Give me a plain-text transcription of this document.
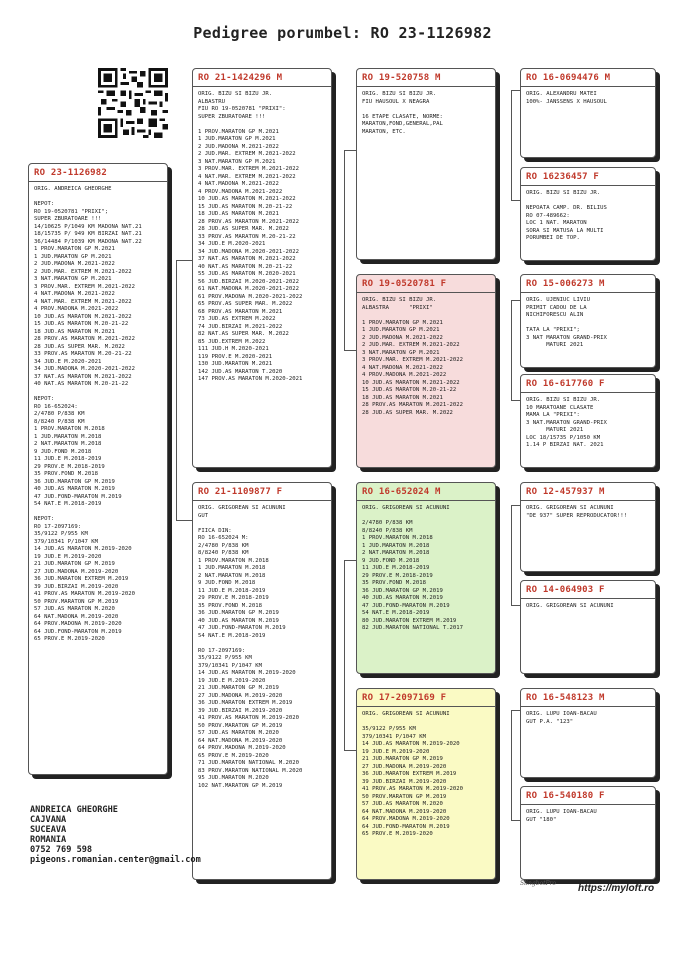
Pedigree porumbel: RO 23-1126982
RO 23-1126982
ORIG. ANDREICA GHEORGHE

NEPOT:
RO 19-0520781 "PRIXI";
SUPER ZBURATOARE !!!
14/10625 P/1049 KM MADONA NAT.21
18/15735 P/ 949 KM BIRZAI NAT.21
36/14484 P/1039 KM MADONA NAT.22
1 PROV.MARATON GP M.2021
1 JUD.MARATON GP M.2021
2 JUD.MADONA M.2021-2022
2 JUD.MAR. EXTREM M.2021-2022
3 NAT.MARATON GP M.2021
3 PROV.MAR. EXTREM M.2021-2022
4 NAT.MADONA M.2021-2022
4 NAT.MAR. EXTREM M.2021-2022
4 PROV.MADONA M.2021-2022
10 JUD.AS MARATON M.2021-2022
15 JUD.AS MARATON M.20-21-22
18 JUD.AS MARATON M.2021
28 PROV.AS MARATON M.2021-2022
28 JUD.AS SUPER MAR. M.2022
33 PROV.AS MARATON M.20-21-22
34 JUD.E M.2020-2021
34 JUD.MADONA M.2020-2021-2022
37 NAT.AS MARATON M.2021-2022
40 NAT.AS MARATON M.20-21-22

NEPOT:
RO 16-652024:
2/4780 P/838 KM
8/8240 P/838 KM
1 PROV.MARATON M.2018
1 JUD.MARATON M.2018
2 NAT.MARATON M.2018
9 JUD.FOND M.2018
11 JUD.E M.2018-2019
29 PROV.E M.2018-2019
35 PROV.FOND M.2018
36 JUD.MARATON GP M.2019
40 JUD.AS MARATON M.2019
47 JUD.FOND-MARATON M.2019
54 NAT.E M.2018-2019

NEPOT:
RO 17-2097169:
35/9122 P/955 KM
379/10341 P/1047 KM
14 JUD.AS MARATON M.2019-2020
19 JUD.E M.2019-2020
21 JUD.MARATON GP M.2019
27 JUD.MADONA M.2019-2020
36 JUD.MARATON EXTREM M.2019
39 JUD.BIRZAI M.2019-2020
41 PROV.AS MARATON M.2019-2020
50 PROV.MARATON GP M.2019
57 JUD.AS MARATON M.2020
64 NAT.MADONA M.2019-2020
64 PROV.MADONA M.2019-2020
64 JUD.FOND-MARATON M.2019
65 PROV.E M.2019-2020
RO 21-1424296 M
ORIG. BIZU SI BIZU JR.
ALBASTRU
FIU RO 19-0520781 "PRIXI":
SUPER ZBURATOARE !!!

1 PROV.MARATON GP M.2021
1 JUD.MARATON GP M.2021
2 JUD.MADONA M.2021-2022
2 JUD.MAR. EXTREM M.2021-2022
3 NAT.MARATON GP M.2021
3 PROV.MAR. EXTREM M.2021-2022
4 NAT.MAR. EXTREM M.2021-2022
4 NAT.MADONA M.2021-2022
4 PROV.MADONA M.2021-2022
10 JUD.AS MARATON M.2021-2022
15 JUD.AS MARATON M.20-21-22
18 JUD.AS MARATON M.2021
28 PROV.AS MARATON M.2021-2022
28 JUD.AS SUPER MAR. M.2022
33 PROV.AS MARATON M.20-21-22
34 JUD.E M.2020-2021
34 JUD.MADONA M.2020-2021-2022
37 NAT.AS MARATON M.2021-2022
40 NAT.AS MARATON M.20-21-22
55 JUD.AS MARATON M.2020-2021
56 JUD.BIRZAI M.2020-2021-2022
61 NAT.MADONA M.2020-2021-2022
61 PROV.MADONA M.2020-2021-2022
65 PROV.AS SUPER MAR. M.2022
68 PROV.AS MARATON M.2021
73 JUD.AS EXTREM M.2022
74 JUD.BIRZAI M.2021-2022
82 NAT.AS SUPER MAR. M.2022
85 JUD.EXTREM M.2022
111 JUD.H M.2020-2021
119 PROV.E M.2020-2021
130 JUD.MARATON M.2021
142 JUD.AS MARATON T.2020
147 PROV.AS MARATON M.2020-2021
RO 21-1109877 F
ORIG. GRIGOREAN SI ACUNUNI
GUT

FIICA DIN:
RO 16-652024 M:
2/4780 P/838 KM
8/8240 P/838 KM
1 PROV.MARATON M.2018
1 JUD.MARATON M.2018
2 NAT.MARATON M.2018
9 JUD.FOND M.2018
11 JUD.E M.2018-2019
29 PROV.E M.2018-2019
35 PROV.FOND M.2018
36 JUD.MARATON GP M.2019
40 JUD.AS MARATON M.2019
47 JUD.FOND-MARATON M.2019
54 NAT.E M.2018-2019

RO 17-2097169:
35/9122 P/955 KM
379/10341 P/1047 KM
14 JUD.AS MARATON M.2019-2020
19 JUD.E M.2019-2020
21 JUD.MARATON GP M.2019
27 JUD.MADONA M.2019-2020
36 JUD.MARATON EXTREM M.2019
39 JUD.BIRZAI M.2019-2020
41 PROV.AS MARATON M.2019-2020
50 PROV.MARATON GP M.2019
57 JUD.AS MARATON M.2020
64 NAT.MADONA M.2019-2020
64 PROV.MADONA M.2019-2020
65 PROV.E M.2019-2020
71 JUD.MARATON NATIONAL M.2020
83 PROV.MARATON NATIONAL M.2020
95 JUD.MARATON M.2020
102 NAT.MARATON GP M.2019
RO 19-520758 M
ORIG. BIZU SI BIZU JR.
FIU HAUSOUL X NEAGRA

16 ETAPE CLASATE, NORME:
MARATON,FOND,GENERAL,PAL
MARATON, ETC.
RO 19-0520781 F
ORIG. BIZU SI BIZU JR.
ALBASTRA      "PRIXI"

1 PROV.MARATON GP M.2021
1 JUD.MARATON GP M.2021
2 JUD.MADONA M.2021-2022
2 JUD.MAR. EXTREM M.2021-2022
3 NAT.MARATON GP M.2021
3 PROV.MAR. EXTREM M.2021-2022
4 NAT.MADONA M.2021-2022
4 PROV.MADONA M.2021-2022
10 JUD.AS MARATON M.2021-2022
15 JUD.AS MARATON M.20-21-22
18 JUD.AS MARATON M.2021
28 PROV.AS MARATON M.2021-2022
28 JUD.AS SUPER MAR. M.2022
RO 16-652024 M
ORIG. GRIGOREAN SI ACUNUNI

2/4780 P/838 KM
8/8240 P/838 KM
1 PROV.MARATON M.2018
1 JUD.MARATON M.2018
2 NAT.MARATON M.2018
9 JUD.FOND M.2018
11 JUD.E M.2018-2019
29 PROV.E M.2018-2019
35 PROV.FOND M.2018
36 JUD.MARATON GP M.2019
40 JUD.AS MARATON M.2019
47 JUD.FOND-MARATON M.2019
54 NAT.E M.2018-2019
80 JUD.MARATON EXTREM M.2019
82 JUD.MARATON NATIONAL T.2017
RO 17-2097169 F
ORIG. GRIGOREAN SI ACUNUNI

35/9122 P/955 KM
379/10341 P/1047 KM
14 JUD.AS MARATON M.2019-2020
19 JUD.E M.2019-2020
21 JUD.MARATON GP M.2019
27 JUD.MADONA M.2019-2020
36 JUD.MARATON EXTREM M.2019
39 JUD.BIRZAI M.2019-2020
41 PROV.AS MARATON M.2019-2020
50 PROV.MARATON GP M.2019
57 JUD.AS MARATON M.2020
64 NAT.MADONA M.2019-2020
64 PROV.MADONA M.2019-2020
64 JUD.FOND-MARATON M.2019
65 PROV.E M.2019-2020
RO 16-0694476 M
ORIG. ALEXANDRU MATEI
100%- JANSSENS X HAUSOUL
RO 16236457 F
ORIG. BIZU SI BIZU JR.

NEPOATA CAMP. DR. BILIUS
RO 07-489662:
LOC 1 NAT. MARATON
SORA SI MATUSA LA MULTI
PORUMBEI DE TOP.
RO 15-006273 M
ORIG. UJENIUC LIVIU
PRIMIT CADOU DE LA
NICHIFORESCU ALIN

TATA LA "PRIXI";
3 NAT MARATON GRAND-PRIX
MATURI 2021
RO 16-617760 F
ORIG. BIZU SI BIZU JR.
10 MARATOANE CLASATE
MAMA LA "PRIXI":
3 NAT.MARATON GRAND-PRIX
MATURI 2021
LOC 18/15735 P/1050 KM
1.14 P BIRZAI NAT. 2021
RO 12-457937 M
ORIG. GRIGOREAN SI ACUNUNI
"DE 937" SUPER REPRODUCATOR!!!
RO 14-064903 F
ORIG. GRIGOREAN SI ACUNUNI
RO 16-548123 M
ORIG. LUPU IOAN-BACAU
GUT P.A. "123"
RO 16-540180 F
ORIG. LUPU IOAN-BACAU
GUT "180"
ANDREICA GHEORGHE
CAJVANA
SUCEAVA
ROMANIA
0752 769 598
pigeons.romanian.center@gmail.com
SlingbotPro https://myloft.ro
